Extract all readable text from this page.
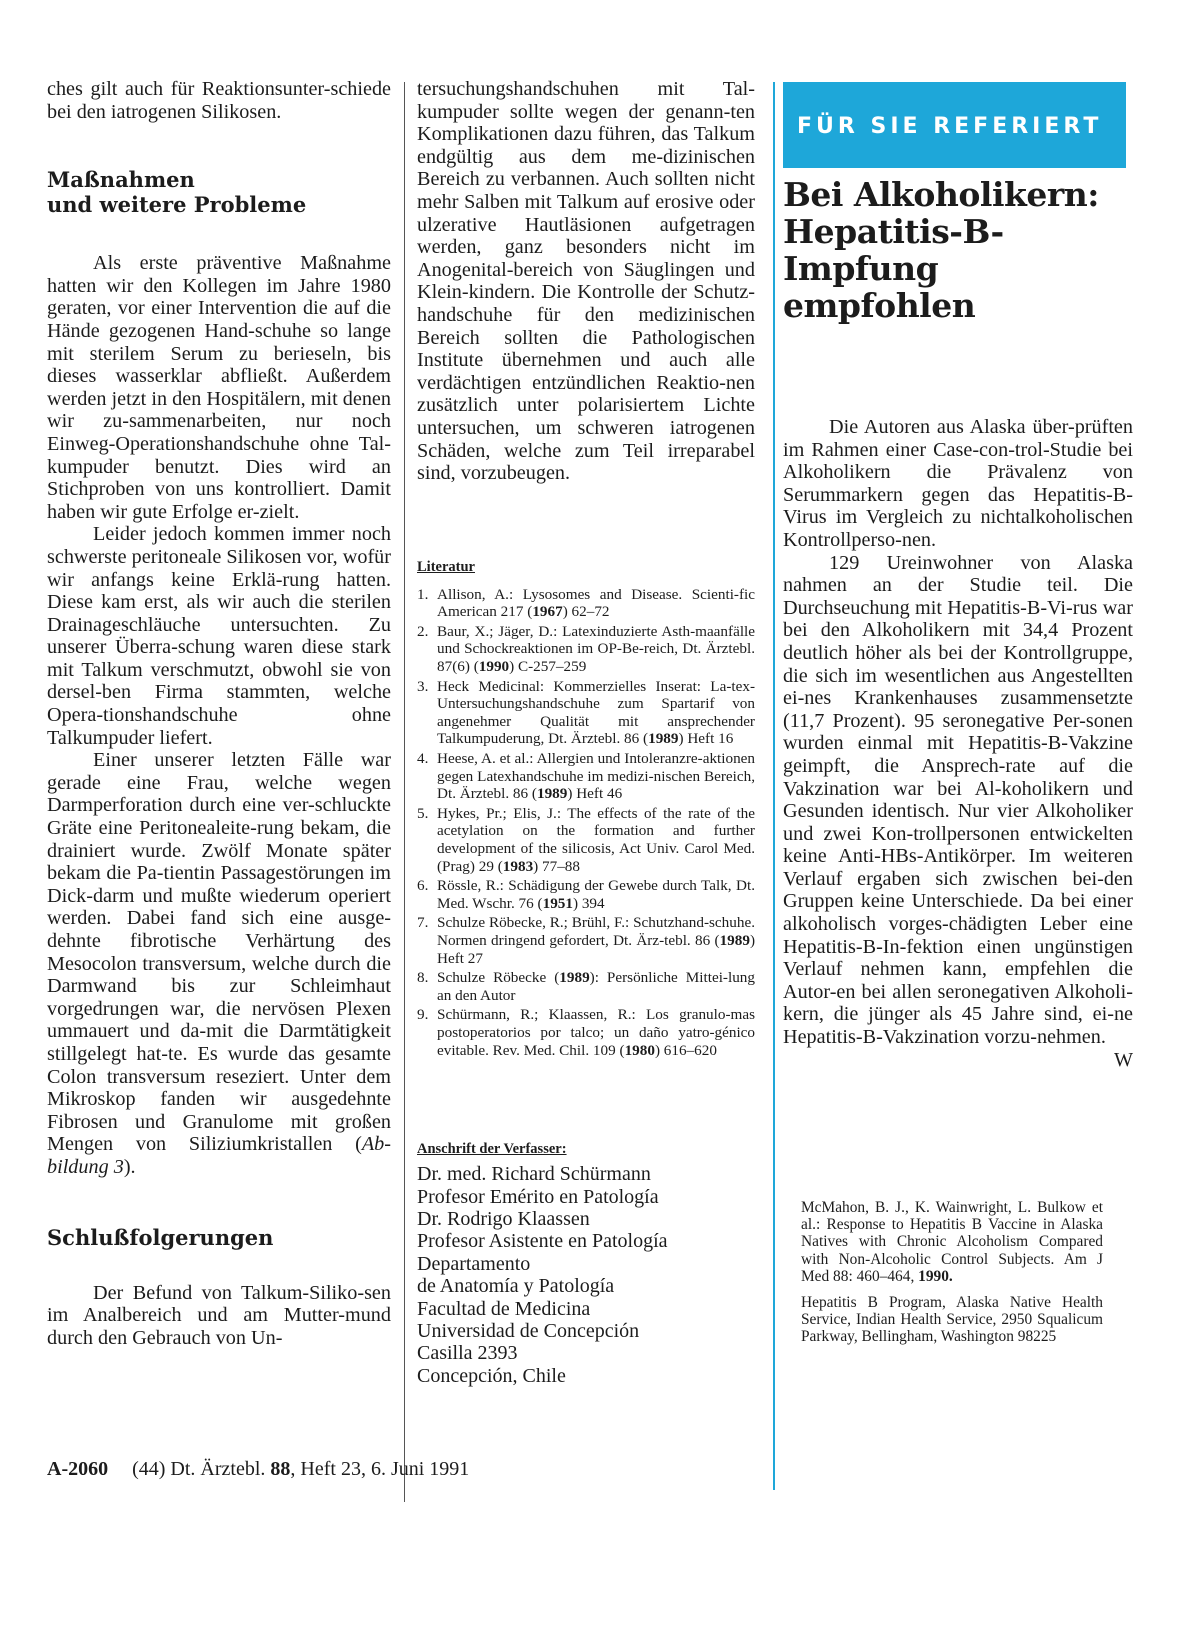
ches gilt auch für Reaktionsunter-schiede bei den iatrogenen Silikosen.

Maßnahmen
und weitere Probleme

Als erste präventive Maßnahme hatten wir den Kollegen im Jahre 1980 geraten, vor einer Intervention die auf die Hände gezogenen Hand-schuhe so lange mit sterilem Serum zu berieseln, bis dieses wasserklar abfließt. Außerdem werden jetzt in den Hospitälern, mit denen wir zu-sammenarbeiten, nur noch Einweg-Operationshandschuhe ohne Tal-kumpuder benutzt. Dies wird an Stichproben von uns kontrolliert. Damit haben wir gute Erfolge er-zielt.

Leider jedoch kommen immer noch schwerste peritoneale Silikosen vor, wofür wir anfangs keine Erklä-rung hatten. Diese kam erst, als wir auch die sterilen Drainageschläuche untersuchten. Zu unserer Überra-schung waren diese stark mit Talkum verschmutzt, obwohl sie von dersel-ben Firma stammten, welche Opera-tionshandschuhe ohne Talkumpuder liefert.

Einer unserer letzten Fälle war gerade eine Frau, welche wegen Darmperforation durch eine ver-schluckte Gräte eine Peritonealeite-rung bekam, die drainiert wurde. Zwölf Monate später bekam die Pa-tientin Passagestörungen im Dick-darm und mußte wiederum operiert werden. Dabei fand sich eine ausge-dehnte fibrotische Verhärtung des Mesocolon transversum, welche durch die Darmwand bis zur Schleimhaut vorgedrungen war, die nervösen Plexen ummauert und da-mit die Darmtätigkeit stillgelegt hat-te. Es wurde das gesamte Colon transversum reseziert. Unter dem Mikroskop fanden wir ausgedehnte Fibrosen und Granulome mit großen Mengen von Siliziumkristallen (Ab-bildung 3).

Schlußfolgerungen

Der Befund von Talkum-Siliko-sen im Analbereich und am Mutter-mund durch den Gebrauch von Un-

tersuchungshandschuhen mit Tal-kumpuder sollte wegen der genann-ten Komplikationen dazu führen, das Talkum endgültig aus dem me-dizinischen Bereich zu verbannen. Auch sollten nicht mehr Salben mit Talkum auf erosive oder ulzerative Hautläsionen aufgetragen werden, ganz besonders nicht im Anogenital-bereich von Säuglingen und Klein-kindern. Die Kontrolle der Schutz-handschuhe für den medizinischen Bereich sollten die Pathologischen Institute übernehmen und auch alle verdächtigen entzündlichen Reaktio-nen zusätzlich unter polarisiertem Lichte untersuchen, um schweren iatrogenen Schäden, welche zum Teil irreparabel sind, vorzubeugen.

Literatur
1. Allison, A.: Lysosomes and Disease. Scienti-fic American 217 (1967) 62–72
2. Baur, X.; Jäger, D.: Latexinduzierte Asth-maanfälle und Schockreaktionen im OP-Be-reich, Dt. Ärztebl. 87(6) (1990) C-257–259
3. Heck Medicinal: Kommerzielles Inserat: La-tex-Untersuchungshandschuhe zum Spartarif von angenehmer Qualität mit ansprechender Talkumpuderung, Dt. Ärztebl. 86 (1989) Heft 16
4. Heese, A. et al.: Allergien und Intoleranzre-aktionen gegen Latexhandschuhe im medizi-nischen Bereich, Dt. Ärztebl. 86 (1989) Heft 46
5. Hykes, Pr.; Elis, J.: The effects of the rate of the acetylation on the formation and further development of the silicosis, Act Univ. Carol Med. (Prag) 29 (1983) 77–88
6. Rössle, R.: Schädigung der Gewebe durch Talk, Dt. Med. Wschr. 76 (1951) 394
7. Schulze Röbecke, R.; Brühl, F.: Schutzhand-schuhe. Normen dringend gefordert, Dt. Ärz-tebl. 86 (1989) Heft 27
8. Schulze Röbecke (1989): Persönliche Mittei-lung an den Autor
9. Schürmann, R.; Klaassen, R.: Los granulo-mas postoperatorios por talco; un daño yatro-génico evitable. Rev. Med. Chil. 109 (1980) 616–620
Anschrift der Verfasser:

Dr. med. Richard Schürmann

Profesor Emérito en Patología

Dr. Rodrigo Klaassen

Profesor Asistente en Patología

Departamento

de Anatomía y Patología

Facultad de Medicina

Universidad de Concepción

Casilla 2393

Concepción, Chile

FÜR SIE REFERIERT
Bei Alkoholikern:
Hepatitis-B-Impfung
empfohlen

Die Autoren aus Alaska über-prüften im Rahmen einer Case-con-trol-Studie bei Alkoholikern die Prävalenz von Serummarkern gegen das Hepatitis-B-Virus im Vergleich zu nichtalkoholischen Kontrollperso-nen.

129 Ureinwohner von Alaska nahmen an der Studie teil. Die Durchseuchung mit Hepatitis-B-Vi-rus war bei den Alkoholikern mit 34,4 Prozent deutlich höher als bei der Kontrollgruppe, die sich im wesentlichen aus Angestellten ei-nes Krankenhauses zusammensetzte (11,7 Prozent). 95 seronegative Per-sonen wurden einmal mit Hepatitis-B-Vakzine geimpft, die Ansprech-rate auf die Vakzination war bei Al-koholikern und Gesunden identisch. Nur vier Alkoholiker und zwei Kon-trollpersonen entwickelten keine Anti-HBs-Antikörper. Im weiteren Verlauf ergaben sich zwischen bei-den Gruppen keine Unterschiede. Da bei einer alkoholisch vorges-chädigten Leber eine Hepatitis-B-In-fektion einen ungünstigen Verlauf nehmen kann, empfehlen die Autor-en bei allen seronegativen Alkoholi-kern, die jünger als 45 Jahre sind, ei-ne Hepatitis-B-Vakzination vorzu-nehmen.
W

McMahon, B. J., K. Wainwright, L. Bulkow et al.: Response to Hepatitis B Vaccine in Alaska Natives with Chronic Alcoholism Compared with Non-Alcoholic Control Subjects. Am J Med 88: 460–464, 1990.

Hepatitis B Program, Alaska Native Health Service, Indian Health Service, 2950 Squalicum Parkway, Bellingham, Washington 98225

A-2060 (44) Dt. Ärztebl. 88, Heft 23, 6. Juni 1991
